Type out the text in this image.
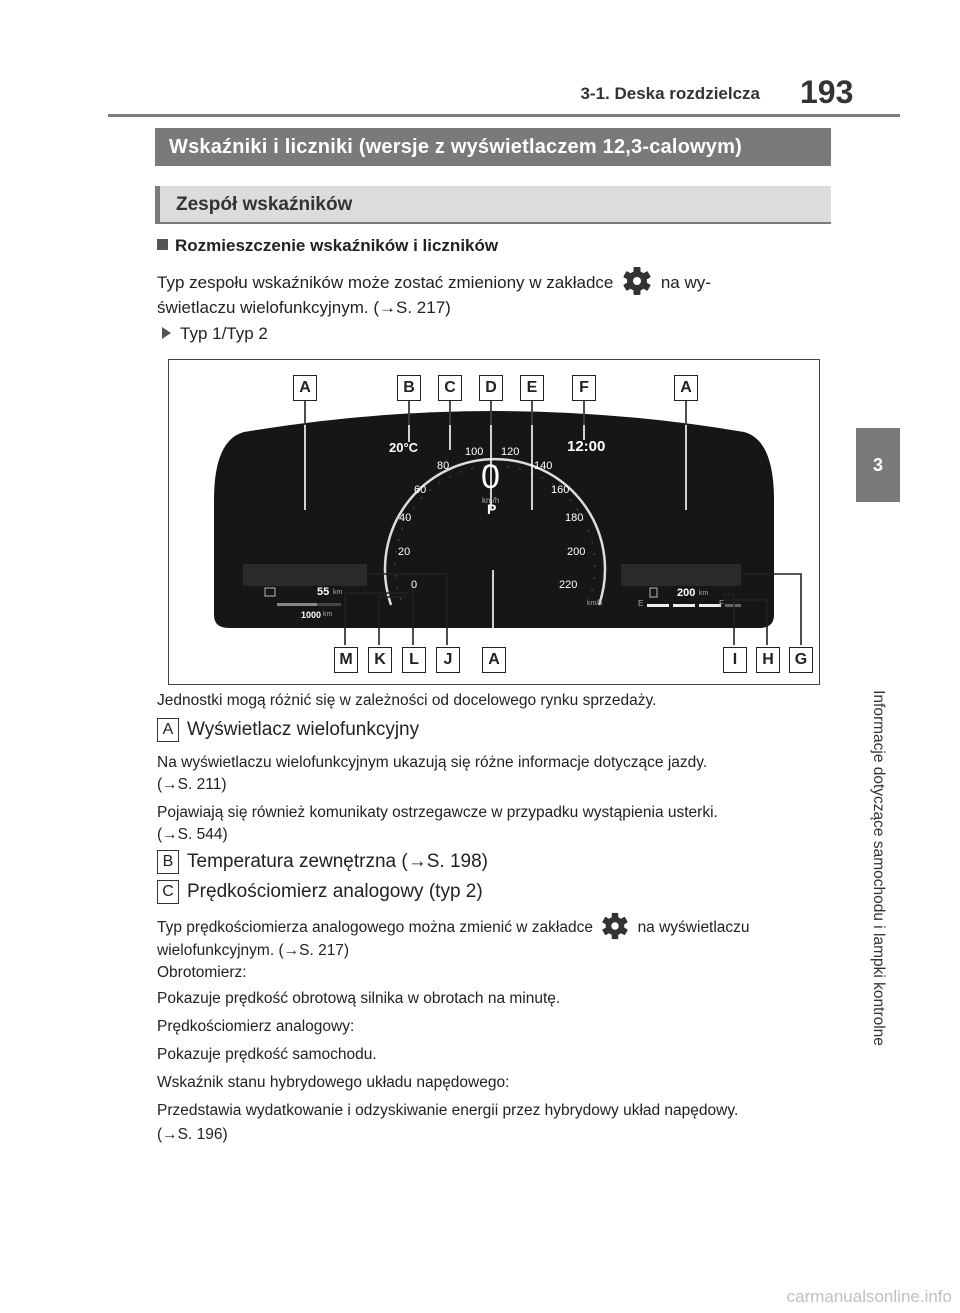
3-1. Deska rozdzielcza 193
3
Informacje dotyczące samochodu i lampki kontrolne
Wskaźniki i liczniki (wersje z wyświetlaczem 12,3-calowym)
Zespół wskaźników
Rozmieszczenie wskaźników i liczników
Typ zespołu wskaźników może zostać zmieniony w zakładce	na wy-
świetlaczu wielofunkcyjnym. (→S. 217)
Typ 1/Typ 2
20°C	12:00
0
km/h
P
0
20
40
60
80
100 120
140
160
180
200
220
km/h
55 km
1000 km
200 km
E	F
A	B	C	D	E	F	A
M	K	L	J	A	I	H	G
Jednostki mogą różnić się w zależności od docelowego rynku sprzedaży.
A Wyświetlacz wielofunkcyjny
Na wyświetlaczu wielofunkcyjnym ukazują się różne informacje dotyczące jazdy.
(→S. 211)
Pojawiają się również komunikaty ostrzegawcze w przypadku wystąpienia usterki.
(→S. 544)
B Temperatura zewnętrzna (→S. 198)
C Prędkościomierz analogowy (typ 2)
Typ prędkościomierza analogowego można zmienić w zakładce	na wyświetlaczu
wielofunkcyjnym. (→S. 217)
Obrotomierz:
Pokazuje prędkość obrotową silnika w obrotach na minutę.
Prędkościomierz analogowy:
Pokazuje prędkość samochodu.
Wskaźnik stanu hybrydowego układu napędowego:
Przedstawia wydatkowanie i odzyskiwanie energii przez hybrydowy układ napędowy.
(→S. 196)
carmanualsonline.info
